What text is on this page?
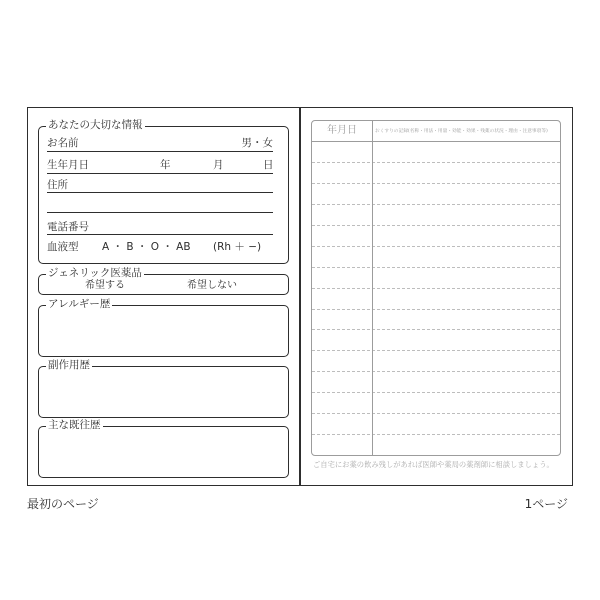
あなたの大切な情報
お名前	男・女
生年月日	年	月	日
住所
電話番号
血液型 A ・ B ・ O ・ AB (Rh ＋ −)
ジェネリック医薬品
希望する	希望しない
アレルギー歴
副作用歴
主な既往歴
年月日	おくすりの記録(名称・用法・用量・効能・効果・残薬の状況・理由・注意事項等)

ご自宅にお薬の飲み残しがあれば医師や薬局の薬剤師に相談しましょう。

最初のページ	1ページ
